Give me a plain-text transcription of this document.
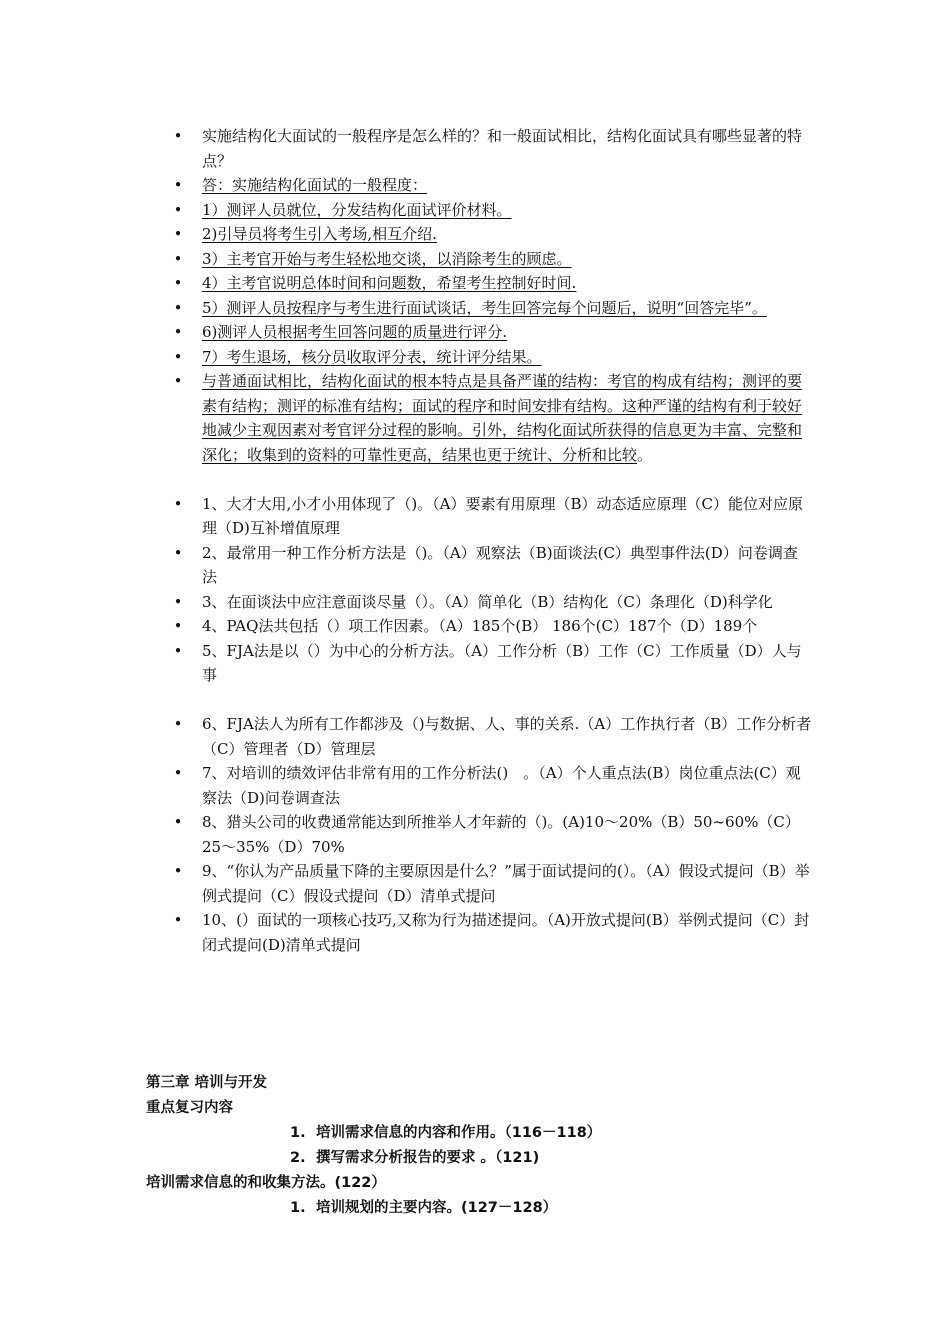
• 实施结构化大面试的一般程序是怎么样的？和一般面试相比，结构化面试具有哪些显著的特点？
• 答：实施结构化面试的一般程度：
• 1）测评人员就位，分发结构化面试评价材料。
• 2)引导员将考生引入考场,相互介绍.
• 3）主考官开始与考生轻松地交谈，以消除考生的顾虑。
• 4）主考官说明总体时间和问题数，希望考生控制好时间.
• 5）测评人员按程序与考生进行面试谈话，考生回答完每个问题后，说明“回答完毕”。
• 6)测评人员根据考生回答问题的质量进行评分.
• 7）考生退场，核分员收取评分表，统计评分结果。
• 与普通面试相比，结构化面试的根本特点是具备严谨的结构：考官的构成有结构；测评的要素有结构；测评的标准有结构；面试的程序和时间安排有结构。这种严谨的结构有利于较好地减少主观因素对考官评分过程的影响。引外，结构化面试所获得的信息更为丰富、完整和深化；收集到的资料的可靠性更高，结果也更于统计、分析和比较。
• 1、大才大用,小才小用体现了（)。（A）要素有用原理（B）动态适应原理（C）能位对应原理（D)互补增值原理
• 2、最常用一种工作分析方法是（)。（A）观察法（B)面谈法(C）典型事件法(D）问卷调查法
• 3、在面谈法中应注意面谈尽量（）。（A）简单化（B）结构化（C）条理化（D)科学化
• 4、PAQ法共包括（）项工作因素。（A）185个(B） 186个(C）187个（D）189个
• 5、FJA法是以（）为中心的分析方法。（A）工作分析（B）工作（C）工作质量（D）人与事
• 6、FJA法人为所有工作都涉及（)与数据、人、事的关系.（A）工作执行者（B）工作分析者（C）管理者（D）管理层
• 7、对培训的绩效评估非常有用的工作分析法()　。（A）个人重点法(B）岗位重点法(C）观察法（D)问卷调查法
• 8、猎头公司的收费通常能达到所推举人才年薪的（)。(A)10～20%（B）50~60%（C）25～35%（D）70%
• 9、“你认为产品质量下降的主要原因是什么？”属于面试提问的(）。（A）假设式提问（B）举例式提问（C）假设式提问（D）清单式提问
• 10、(）面试的一项核心技巧,又称为行为描述提问。（A)开放式提问(B）举例式提问（C）封闭式提问(D)清单式提问
第三章 培训与开发
重点复习内容
1. 培训需求信息的内容和作用。（116－118）
2. 撰写需求分析报告的要求 。（121)
培训需求信息的和收集方法。(122）
1. 培训规划的主要内容。(127－128）
